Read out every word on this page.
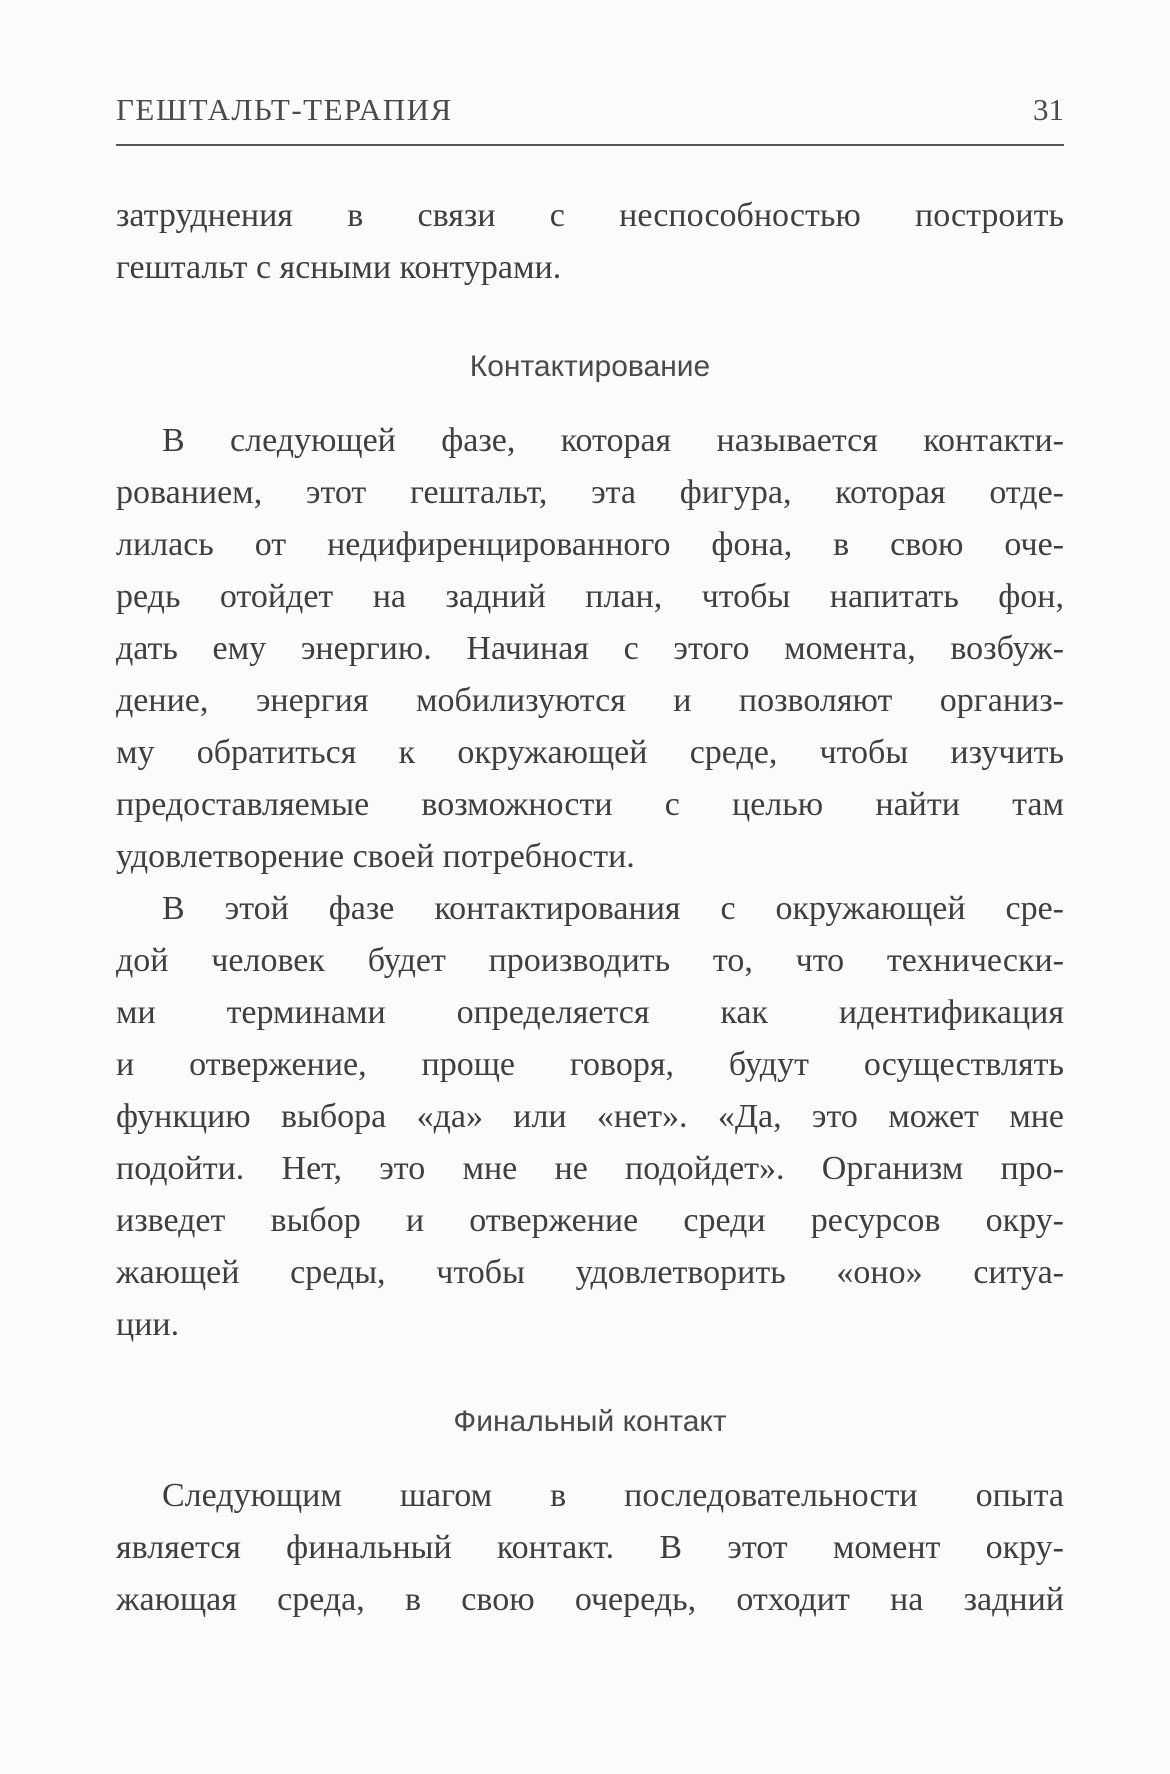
ГЕШТАЛЬТ-ТЕРАПИЯ	31
затруднения в связи с неспособностью построить
гештальт с ясными контурами.
Контактирование
В следующей фазе, которая называется контакти-
рованием, этот гештальт, эта фигура, которая отде-
лилась от недифиренцированного фона, в свою оче-
редь отойдет на задний план, чтобы напитать фон,
дать ему энергию. Начиная с этого момента, возбуж-
дение, энергия мобилизуются и позволяют организ-
му обратиться к окружающей среде, чтобы изучить
предоставляемые возможности с целью найти там
удовлетворение своей потребности.
В этой фазе контактирования с окружающей сре-
дой человек будет производить то, что технически-
ми терминами определяется как идентификация
и отвержение, проще говоря, будут осуществлять
функцию выбора «да» или «нет». «Да, это может мне
подойти. Нет, это мне не подойдет». Организм про-
изведет выбор и отвержение среди ресурсов окру-
жающей среды, чтобы удовлетворить «оно» ситуа-
ции.
Финальный контакт
Следующим шагом в последовательности опыта
является финальный контакт. В этот момент окру-
жающая среда, в свою очередь, отходит на задний
